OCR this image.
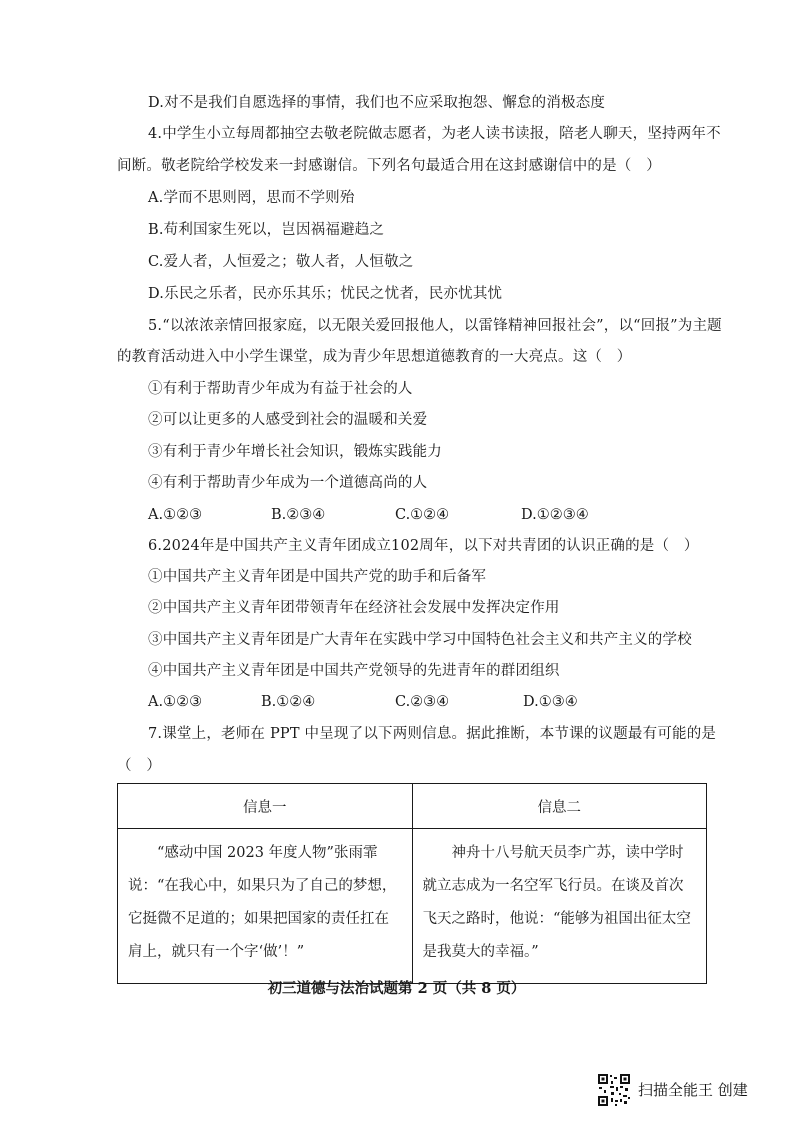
D.对不是我们自愿选择的事情，我们也不应采取抱怨、懈怠的消极态度
4.中学生小立每周都抽空去敬老院做志愿者，为老人读书读报，陪老人聊天，坚持两年不
间断。敬老院给学校发来一封感谢信。下列名句最适合用在这封感谢信中的是（　）
A.学而不思则罔，思而不学则殆
B.苟利国家生死以，岂因祸福避趋之
C.爱人者，人恒爱之；敬人者，人恒敬之
D.乐民之乐者，民亦乐其乐；忧民之忧者，民亦忧其忧
5.“以浓浓亲情回报家庭，以无限关爱回报他人，以雷锋精神回报社会”，以“回报”为主题
的教育活动进入中小学生课堂，成为青少年思想道德教育的一大亮点。这（　）
①有利于帮助青少年成为有益于社会的人
②可以让更多的人感受到社会的温暖和关爱
③有利于青少年增长社会知识，锻炼实践能力
④有利于帮助青少年成为一个道德高尚的人
A.①②③	B.②③④	C.①②④	D.①②③④
6.2024年是中国共产主义青年团成立102周年，以下对共青团的认识正确的是（　）
①中国共产主义青年团是中国共产党的助手和后备军
②中国共产主义青年团带领青年在经济社会发展中发挥决定作用
③中国共产主义青年团是广大青年在实践中学习中国特色社会主义和共产主义的学校
④中国共产主义青年团是中国共产党领导的先进青年的群团组织
A.①②③	B.①②④	C.②③④	D.①③④
7.课堂上，老师在 PPT 中呈现了以下两则信息。据此推断，本节课的议题最有可能的是
（　）
信息一	信息二

“感动中国 2023 年度人物”张雨霏说：“在我心中，如果只为了自己的梦想，它挺微不足道的；如果把国家的责任扛在肩上，就只有一个字‘做’！”	神舟十八号航天员李广苏，读中学时就立志成为一名空军飞行员。在谈及首次飞天之路时，他说：“能够为祖国出征太空是我莫大的幸福。”
初三道德与法治试题第 2 页（共 8 页）
扫描全能王 创建
